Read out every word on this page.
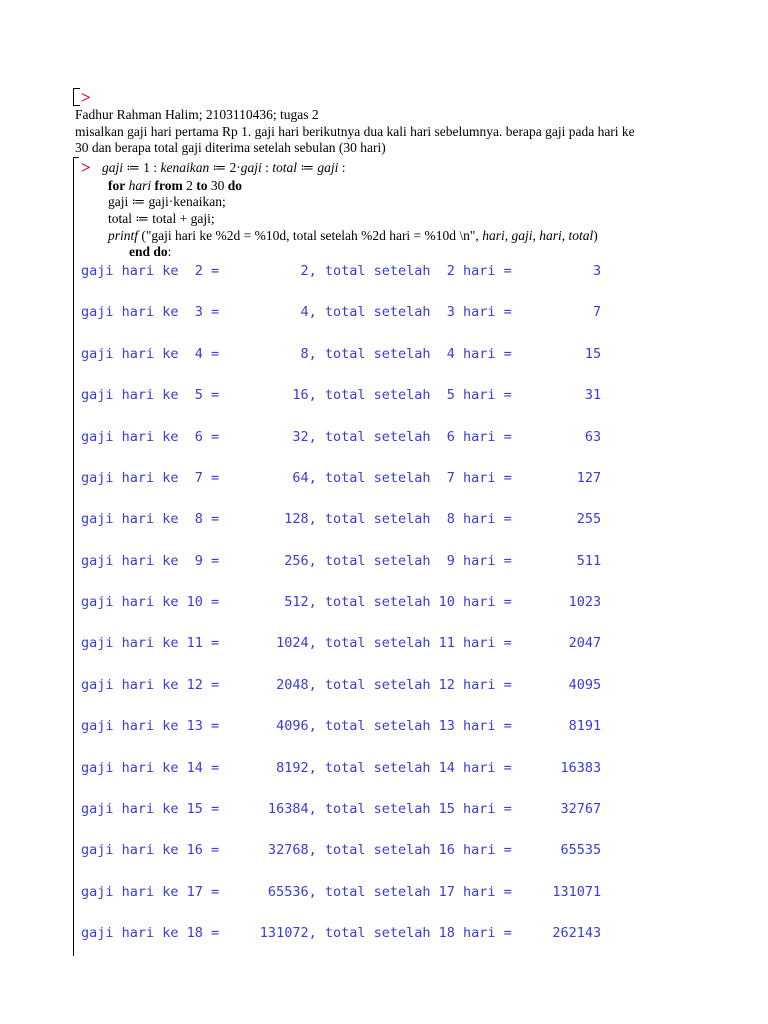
>
Fadhur Rahman Halim; 2103110436; tugas 2
misalkan gaji hari pertama Rp 1. gaji hari berikutnya dua kali hari sebelumnya. berapa gaji pada hari ke
30 dan berapa total gaji diterima setelah sebulan (30 hari)
> gaji ≔ 1 : kenaikan ≔ 2·gaji : total ≔ gaji :
for hari from 2 to 30 do
gaji ≔ gaji·kenaikan;
total ≔ total + gaji;
printf ("gaji hari ke %2d = %10d, total setelah %2d hari = %10d \n", hari, gaji, hari, total)
end do:
gaji hari ke  2 =          2, total setelah  2 hari =          3
gaji hari ke  3 =          4, total setelah  3 hari =          7
gaji hari ke  4 =          8, total setelah  4 hari =         15
gaji hari ke  5 =         16, total setelah  5 hari =         31
gaji hari ke  6 =         32, total setelah  6 hari =         63
gaji hari ke  7 =         64, total setelah  7 hari =        127
gaji hari ke  8 =        128, total setelah  8 hari =        255
gaji hari ke  9 =        256, total setelah  9 hari =        511
gaji hari ke 10 =        512, total setelah 10 hari =       1023
gaji hari ke 11 =       1024, total setelah 11 hari =       2047
gaji hari ke 12 =       2048, total setelah 12 hari =       4095
gaji hari ke 13 =       4096, total setelah 13 hari =       8191
gaji hari ke 14 =       8192, total setelah 14 hari =      16383
gaji hari ke 15 =      16384, total setelah 15 hari =      32767
gaji hari ke 16 =      32768, total setelah 16 hari =      65535
gaji hari ke 17 =      65536, total setelah 17 hari =     131071
gaji hari ke 18 =     131072, total setelah 18 hari =     262143
